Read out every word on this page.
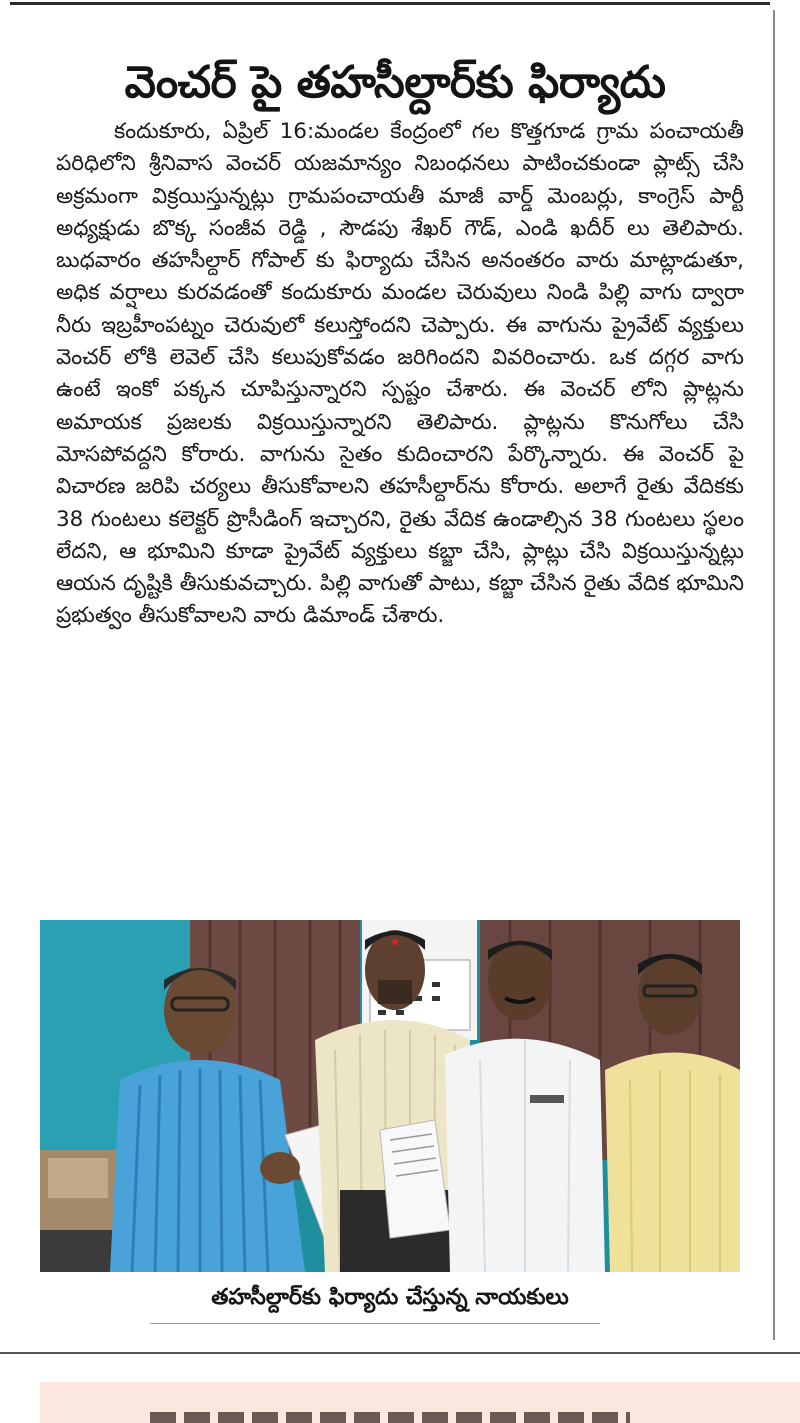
వెంచర్ పై తహసీల్దార్‌కు ఫిర్యాదు

కందుకూరు, ఏప్రిల్ 16:మండల కేంద్రంలో గల కొత్తగూడ గ్రామ పంచాయతీ పరిధిలోని శ్రీనివాస వెంచర్ యజమాన్యం నిబంధనలు పాటించకుండా ప్లాట్స్ చేసి అక్రమంగా విక్రయిస్తున్నట్లు గ్రామపంచాయతీ మాజీ వార్డ్ మెంబర్లు, కాంగ్రెస్ పార్టీ అధ్యక్షుడు బొక్క సంజీవ రెడ్డి , సౌడపు శేఖర్ గౌడ్, ఎండి ఖదీర్ లు తెలిపారు. బుధవారం తహసీల్దార్ గోపాల్ కు ఫిర్యాదు చేసిన అనంతరం వారు మాట్లాడుతూ, అధిక వర్షాలు కురవడంతో కందుకూరు మండల చెరువులు నిండి పిల్లి వాగు ద్వారా నీరు ఇబ్రహీంపట్నం చెరువులో కలుస్తోందని చెప్పారు. ఈ వాగును ప్రైవేట్ వ్యక్తులు వెంచర్ లోకి లెవెల్ చేసి కలుపుకోవడం జరిగిందని వివరించారు. ఒక దగ్గర వాగు ఉంటే ఇంకో పక్కన చూపిస్తున్నారని స్పష్టం చేశారు. ఈ వెంచర్ లోని ప్లాట్లను అమాయక ప్రజలకు విక్రయిస్తున్నారని తెలిపారు. ప్లాట్లను కొనుగోలు చేసి మోసపోవద్దని కోరారు. వాగును సైతం కుదించారని పేర్కొన్నారు. ఈ వెంచర్ పై విచారణ జరిపి చర్యలు తీసుకోవాలని తహసీల్దార్‌ను కోరారు. అలాగే రైతు వేదికకు 38 గుంటలు కలెక్టర్ ప్రొసీడింగ్ ఇచ్చారని, రైతు వేదిక ఉండాల్సిన 38 గుంటలు స్థలం లేదని, ఆ భూమిని కూడా ప్రైవేట్ వ్యక్తులు కబ్జా చేసి, ప్లాట్లు చేసి విక్రయిస్తున్నట్లు ఆయన దృష్టికి తీసుకువచ్చారు. పిల్లి వాగుతో పాటు, కబ్జా చేసిన రైతు వేదిక భూమిని ప్రభుత్వం తీసుకోవాలని వారు డిమాండ్ చేశారు.

తహసీల్దార్‌కు ఫిర్యాదు చేస్తున్న నాయకులు
